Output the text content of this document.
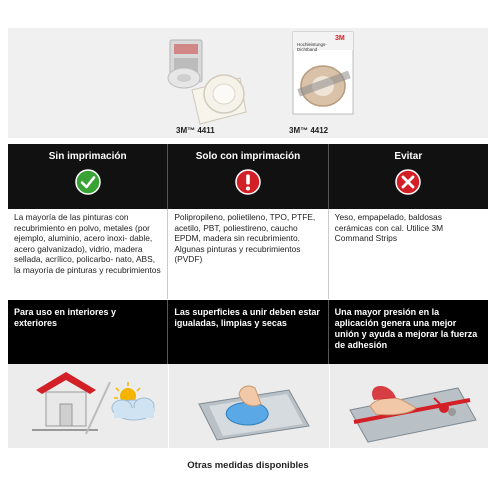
3M™ 4411
3M
Hochleistungs- Dichtband
3M™ 4412
Sin imprimación	Solo con imprimación	Evitar
La mayoría de las pinturas con recubrimiento en polvo, metales (por ejemplo, aluminio, acero inoxi- dable, acero galvanizado), vidrio, madera sellada, acrílico, policarbo- nato, ABS, la mayoría de pinturas y recubrimientos
Polipropileno, polietileno, TPO, PTFE, acetilo, PBT, poliestireno, caucho EPDM, madera sin recubrimiento. Algunas pinturas y recubrimientos (PVDF)
Yeso, empapelado, baldosas cerámicas con cal. Utilice 3M Command Strips
Para uso en interiores y exteriores
Las superficies a unir deben estar igualadas, limpias y secas
Una mayor presión en la aplicación genera una mejor unión y ayuda a mejorar la fuerza de adhesión
Otras medidas disponibles
